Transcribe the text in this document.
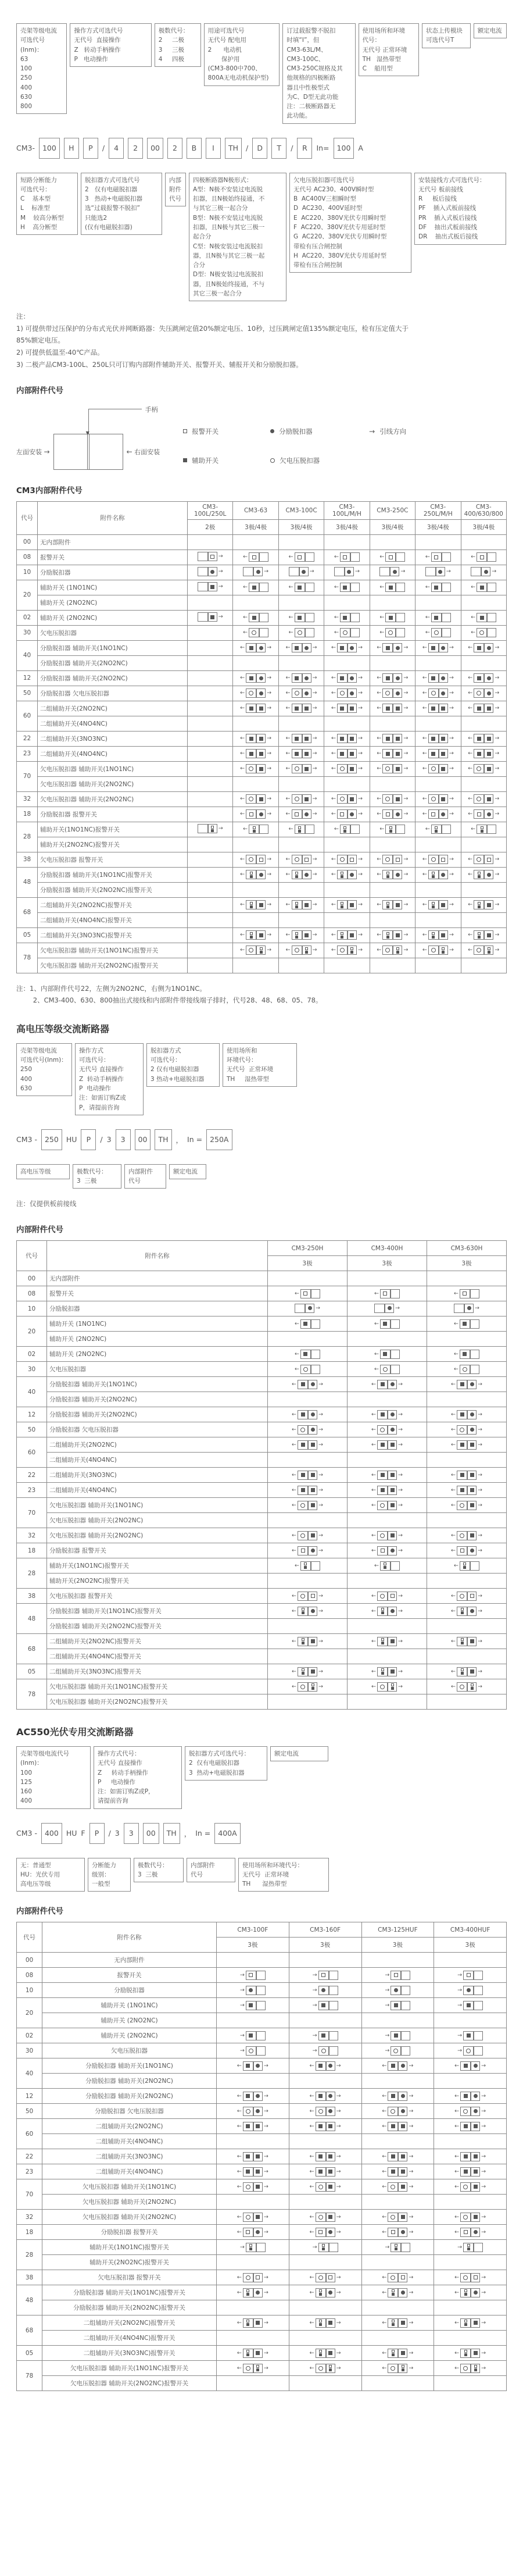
壳架等级电流
可选代号
(Inm)：
63
100
250
400
630
800
操作方式可选代号
无代号  直接操作
Z   转动手柄操作
P   电动操作
极数代号：
2     二极
3     三极
4     四极
用途可选代号
无代号 配电用
2      电动机
保护用
(CM3-800中700、
800A无电动机保护型)
订过载报警不脱扣
时填“I”，但
CM3-63L/M、
CM3-100C、
CM3-250C规格及其
他规格的四极断路
器且中性极型式
为C、D型无此功能
注：二极断路器无
此功能。
使用场所和环境
代号：
无代号 正常环境
TH   湿热带型
C    船用型
状态上传模块
可选代号T
额定电流
CM3-	100	H	P	/	4	2	00	2	B	I	TH	/	D	T	/	R	In=	100	A
短路分断能力
可选代号：
C    基本型
L    标准型
M    较高分断型
H    高分断型
脱扣器方式可选代号
2   仅有电磁脱扣器
3   热动+电磁脱扣器
选“过载报警不脱扣”
只能选2
(仅有电磁脱扣器)
内部
附件
代号
四极断路器N极形式：
A型：N极不安装过电流脱
扣器，且N极始终接通，不
与其它三极一起合分
B型：N极不安装过电流脱
扣器，且N极与其它三极一
起合分
C型：N极安装过电流脱扣
器，且N极与其它三极一起
合分
D型：N极安装过电流脱扣
器，且N极始终接通，不与
其它三极一起合分
欠电压脱扣器可选代号
无代号 AC230、400V瞬时型
B  AC400V三相瞬时型
D  AC230、400V延时型
E  AC220、380V光伏专用瞬时型
F  AC220、380V光伏专用延时型
G  AC220、380V光伏专用瞬时型
带检有压合闸控制
H  AC220、380V光伏专用延时型
带检有压合闸控制
安装接线方式可选代号：
无代号 板前接线
R     板后接线
PF    插入式板前接线
PR    插入式板后接线
DF    抽出式板前接线
DR    抽出式板后接线
注：
1) 可提供带过压保护的分布式光伏并网断路器：失压跳闸定值20%额定电压、10秒，过压跳闸定值135%额定电压，检有压定值大于
85%额定电压。
2) 可提供低温至-40℃产品。
3) 二极产品CM3-100L、250L只可订购内部附件辅助开关、报警开关、辅报开关和分励脱扣器。
内部附件代号
左面安装 →
手柄
▼
← 右面安装
报警开关	分励脱扣器	→ 引线方向
辅助开关	欠电压脱扣器
CM3内部附件代号
代号	附件名称	CM3-100L/250L	CM3-63	CM3-100C	CM3-100L/M/H	CM3-250C	CM3-250L/M/H	CM3-400/630/800
		2极	3极/4极	3极/4极	3极/4极	3极/4极	3极/4极	3极/4极
00	无内部附件							
08	报警开关	→	←	←	←	←	←	←

10	分励脱扣器	→	→	→	→	→	→	→

20	辅助开关 (1NO1NC)	→	←	←	←	←	←	←

	辅助开关 (2NO2NC)							
02	辅助开关 (2NO2NC)	→	←	←	←	←	←	←

30	欠电压脱扣器		←	←	←	←	←	←

40	分励脱扣器 辅助开关(1NO1NC)		← →	← →	← →	← →	← →	← →

	分励脱扣器 辅助开关(2NO2NC)							
12	分励脱扣器 辅助开关(2NO2NC)		← →	← →	← →	← →	← →	← →

50	分励脱扣器 欠电压脱扣器		← →	← →	← →	← →	← →	← →

60	二组辅助开关(2NO2NC)		← →	← →	← →	← →	← →	← →

	二组辅助开关(4NO4NC)							
22	二组辅助开关(3NO3NC)		← →	← →	← →	← →	← →	← →

23	二组辅助开关(4NO4NC)		← →	← →	← →	← →	← →	← →

70	欠电压脱扣器 辅助开关(1NO1NC)		← →	← →	← →	← →	← →	← →

	欠电压脱扣器 辅助开关(2NO2NC)							
32	欠电压脱扣器 辅助开关(2NO2NC)		← →	← →	← →	← →	← →	← →

18	分励脱扣器 报警开关		← →	← →	← →	← →	← →	← →

28	辅助开关(1NO1NC)报警开关	→	←	←	←	←	←	←

	辅助开关(2NO2NC)报警开关							
38	欠电压脱扣器 报警开关		← →	← →	← →	← →	← →	← →

48	分励脱扣器 辅助开关(1NO1NC)报警开关		← →	← →	← →	← →	← →	← →

	分励脱扣器 辅助开关(2NO2NC)报警开关							
68	二组辅助开关(2NO2NC)报警开关		← →	← →	← →	← →	← →	← →

	二组辅助开关(4NO4NC)报警开关							
05	二组辅助开关(3NO3NC)报警开关		← →	← →	← →	← →	← →	← →

78	欠电压脱扣器 辅助开关(1NO1NC)报警开关		← →	← →	← →	← →	← →	← →

	欠电压脱扣器 辅助开关(2NO2NC)报警开关							
注：1、内部附件代号22，左侧为2NO2NC，右侧为1NO1NC。
2、CM3-400、630、800抽出式接线和内部附件带接线端子排时，代号28、48、68、05、78。
高电压等级交流断路器
壳架等级电流
可选代号(Inm)：
250
400
630
操作方式
可选代号：
无代号 直接操作
Z  转动手柄操作
P  电动操作
注：如需订购Z或
P，请提前咨询
脱扣器方式
可选代号：
2 仅有电磁脱扣器
3 热动+电磁脱扣器
使用场所和
环境代号：
无代号  正常环境
TH     湿热带型
CM3 -	250	HU	P	/ 3	3	00	TH	， In =	250A
高电压等级	极数代号：
3  三极
内部附件
代号
额定电流
注：仅提供板前接线
内部附件代号
代号	附件名称	CM3-250H	CM3-400H	CM3-630H
		3极	3极	3极
00	无内部附件			
08	报警开关	←	←	←

10	分励脱扣器	→	→	→

20	辅助开关 (1NO1NC)	←	←	←

	辅助开关 (2NO2NC)			
02	辅助开关 (2NO2NC)	←	←	←

30	欠电压脱扣器	←	←	←

40	分励脱扣器 辅助开关(1NO1NC)	← →	← →	← →

	分励脱扣器 辅助开关(2NO2NC)			
12	分励脱扣器 辅助开关(2NO2NC)	← →	← →	← →

50	分励脱扣器 欠电压脱扣器	← →	← →	← →

60	二组辅助开关(2NO2NC)	← →	← →	← →

	二组辅助开关(4NO4NC)			
22	二组辅助开关(3NO3NC)	← →	← →	← →

23	二组辅助开关(4NO4NC)	← →	← →	← →

70	欠电压脱扣器 辅助开关(1NO1NC)	← →	← →	← →

	欠电压脱扣器 辅助开关(2NO2NC)			
32	欠电压脱扣器 辅助开关(2NO2NC)	← →	← →	← →

18	分励脱扣器 报警开关	← →	← →	← →

28	辅助开关(1NO1NC)报警开关	←	←	←

	辅助开关(2NO2NC)报警开关			
38	欠电压脱扣器 报警开关	← →	← →	← →

48	分励脱扣器 辅助开关(1NO1NC)报警开关	← →	← →	← →

	分励脱扣器 辅助开关(2NO2NC)报警开关			
68	二组辅助开关(2NO2NC)报警开关	← →	← →	← →

	二组辅助开关(4NO4NC)报警开关			
05	二组辅助开关(3NO3NC)报警开关	← →	← →	← →

78	欠电压脱扣器 辅助开关(1NO1NC)报警开关	← →	← →	← →

	欠电压脱扣器 辅助开关(2NO2NC)报警开关			
AC550光伏专用交流断路器
壳架等级电流代号
(Inm)：
100
125
160
400
操作方式代号：
无代号 直接操作
Z     转动手柄操作
P     电动操作
注：如需订购Z或P，
请提前咨询
脱扣器方式可选代号：
2  仅有电磁脱扣器
3  热动+电磁脱扣器
额定电流
CM3 -	400	HU F	P	/ 3	3	00	TH	， In =	400A
无：普通型
HU：光伏专用
高电压等级
分断能力
级别：
一般型
极数代号：
3  三极
内部附件
代号
使用场所和环境代号：
无代号  正常环境
TH      湿热带型
内部附件代号
代号	附件名称	CM3-100F	CM3-160F	CM3-125HUF	CM3-400HUF
		3极	3极	3极	3极
00	无内部附件				
08	报警开关	→	→	→	→

10	分励脱扣器	→	→	→	→

20	辅助开关 (1NO1NC)	→	→	→	→

	辅助开关 (2NO2NC)				
02	辅助开关 (2NO2NC)	→	→	→	→

30	欠电压脱扣器	→	→	→	→

40	分励脱扣器 辅助开关(1NO1NC)	← →	← →	← →	← →

	分励脱扣器 辅助开关(2NO2NC)				
12	分励脱扣器 辅助开关(2NO2NC)	← →	← →	← →	← →

50	分励脱扣器 欠电压脱扣器	← →	← →	← →	← →

60	二组辅助开关(2NO2NC)	← →	← →	← →	← →

	二组辅助开关(4NO4NC)				
22	二组辅助开关(3NO3NC)	← →	← →	← →	← →

23	二组辅助开关(4NO4NC)	← →	← →	← →	← →

70	欠电压脱扣器 辅助开关(1NO1NC)	← →	← →	← →	← →

	欠电压脱扣器 辅助开关(2NO2NC)				
32	欠电压脱扣器 辅助开关(2NO2NC)	← →	← →	← →	← →

18	分励脱扣器 报警开关	← →	← →	← →	← →

28	辅助开关(1NO1NC)报警开关	→	→	→	→

	辅助开关(2NO2NC)报警开关				
38	欠电压脱扣器 报警开关	← →	← →	← →	← →

48	分励脱扣器 辅助开关(1NO1NC)报警开关	← →	← →	← →	← →

	分励脱扣器 辅助开关(2NO2NC)报警开关				
68	二组辅助开关(2NO2NC)报警开关	← →	← →	← →	← →

	二组辅助开关(4NO4NC)报警开关				
05	二组辅助开关(3NO3NC)报警开关	← →	← →	← →	← →

78	欠电压脱扣器 辅助开关(1NO1NC)报警开关	← →	← →	← →	← →

	欠电压脱扣器 辅助开关(2NO2NC)报警开关				
